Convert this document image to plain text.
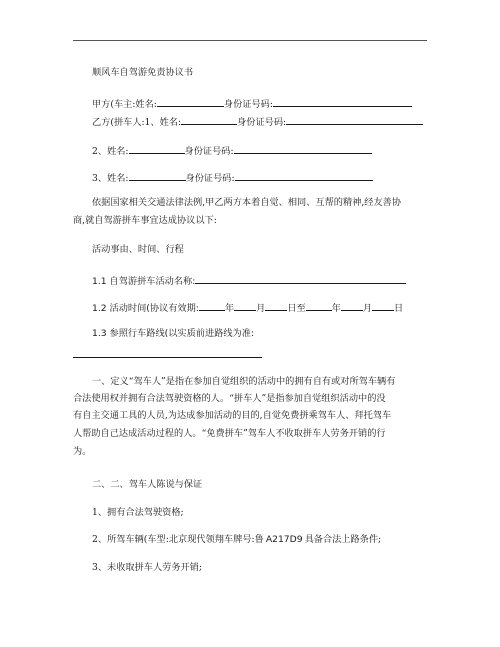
顺风车自驾游免责协议书
甲方(车主:姓名:	身份证号码:
乙方(拼车人:1、姓名:	身份证号码:
2、姓名:	身份证号码:
3、姓名:	身份证号码:
依据国家相关交通法律法例,甲乙两方本着自觉、相同、互帮的精神,经友善协
商,就自驾游拼车事宜达成协议以下:
活动事由、时间、行程
1.1 自驾游拼车活动名称:
1.2 活动时间(协议有效期:	年 月 日至	年 月 日
1.3 参照行车路线(以实质前进路线为准:
一、定义“驾车人”是指在参加自觉组织的活动中的拥有自有或对所驾车辆有
合法使用权并拥有合法驾驶资格的人。“拼车人”是指参加自觉组织活动中的没
有自主交通工具的人员,为达成参加活动的目的,自觉免费拼乘驾车人、拜托驾车
人帮助自己达成活动过程的人。“免费拼车”驾车人不收取拼车人劳务开销的行
为。
二、二、驾车人陈说与保证
1、拥有合法驾驶资格;
2、所驾车辆(车型:北京现代领翔车牌号:鲁 A217D9 具备合法上路条件;
3、未收取拼车人劳务开销;
